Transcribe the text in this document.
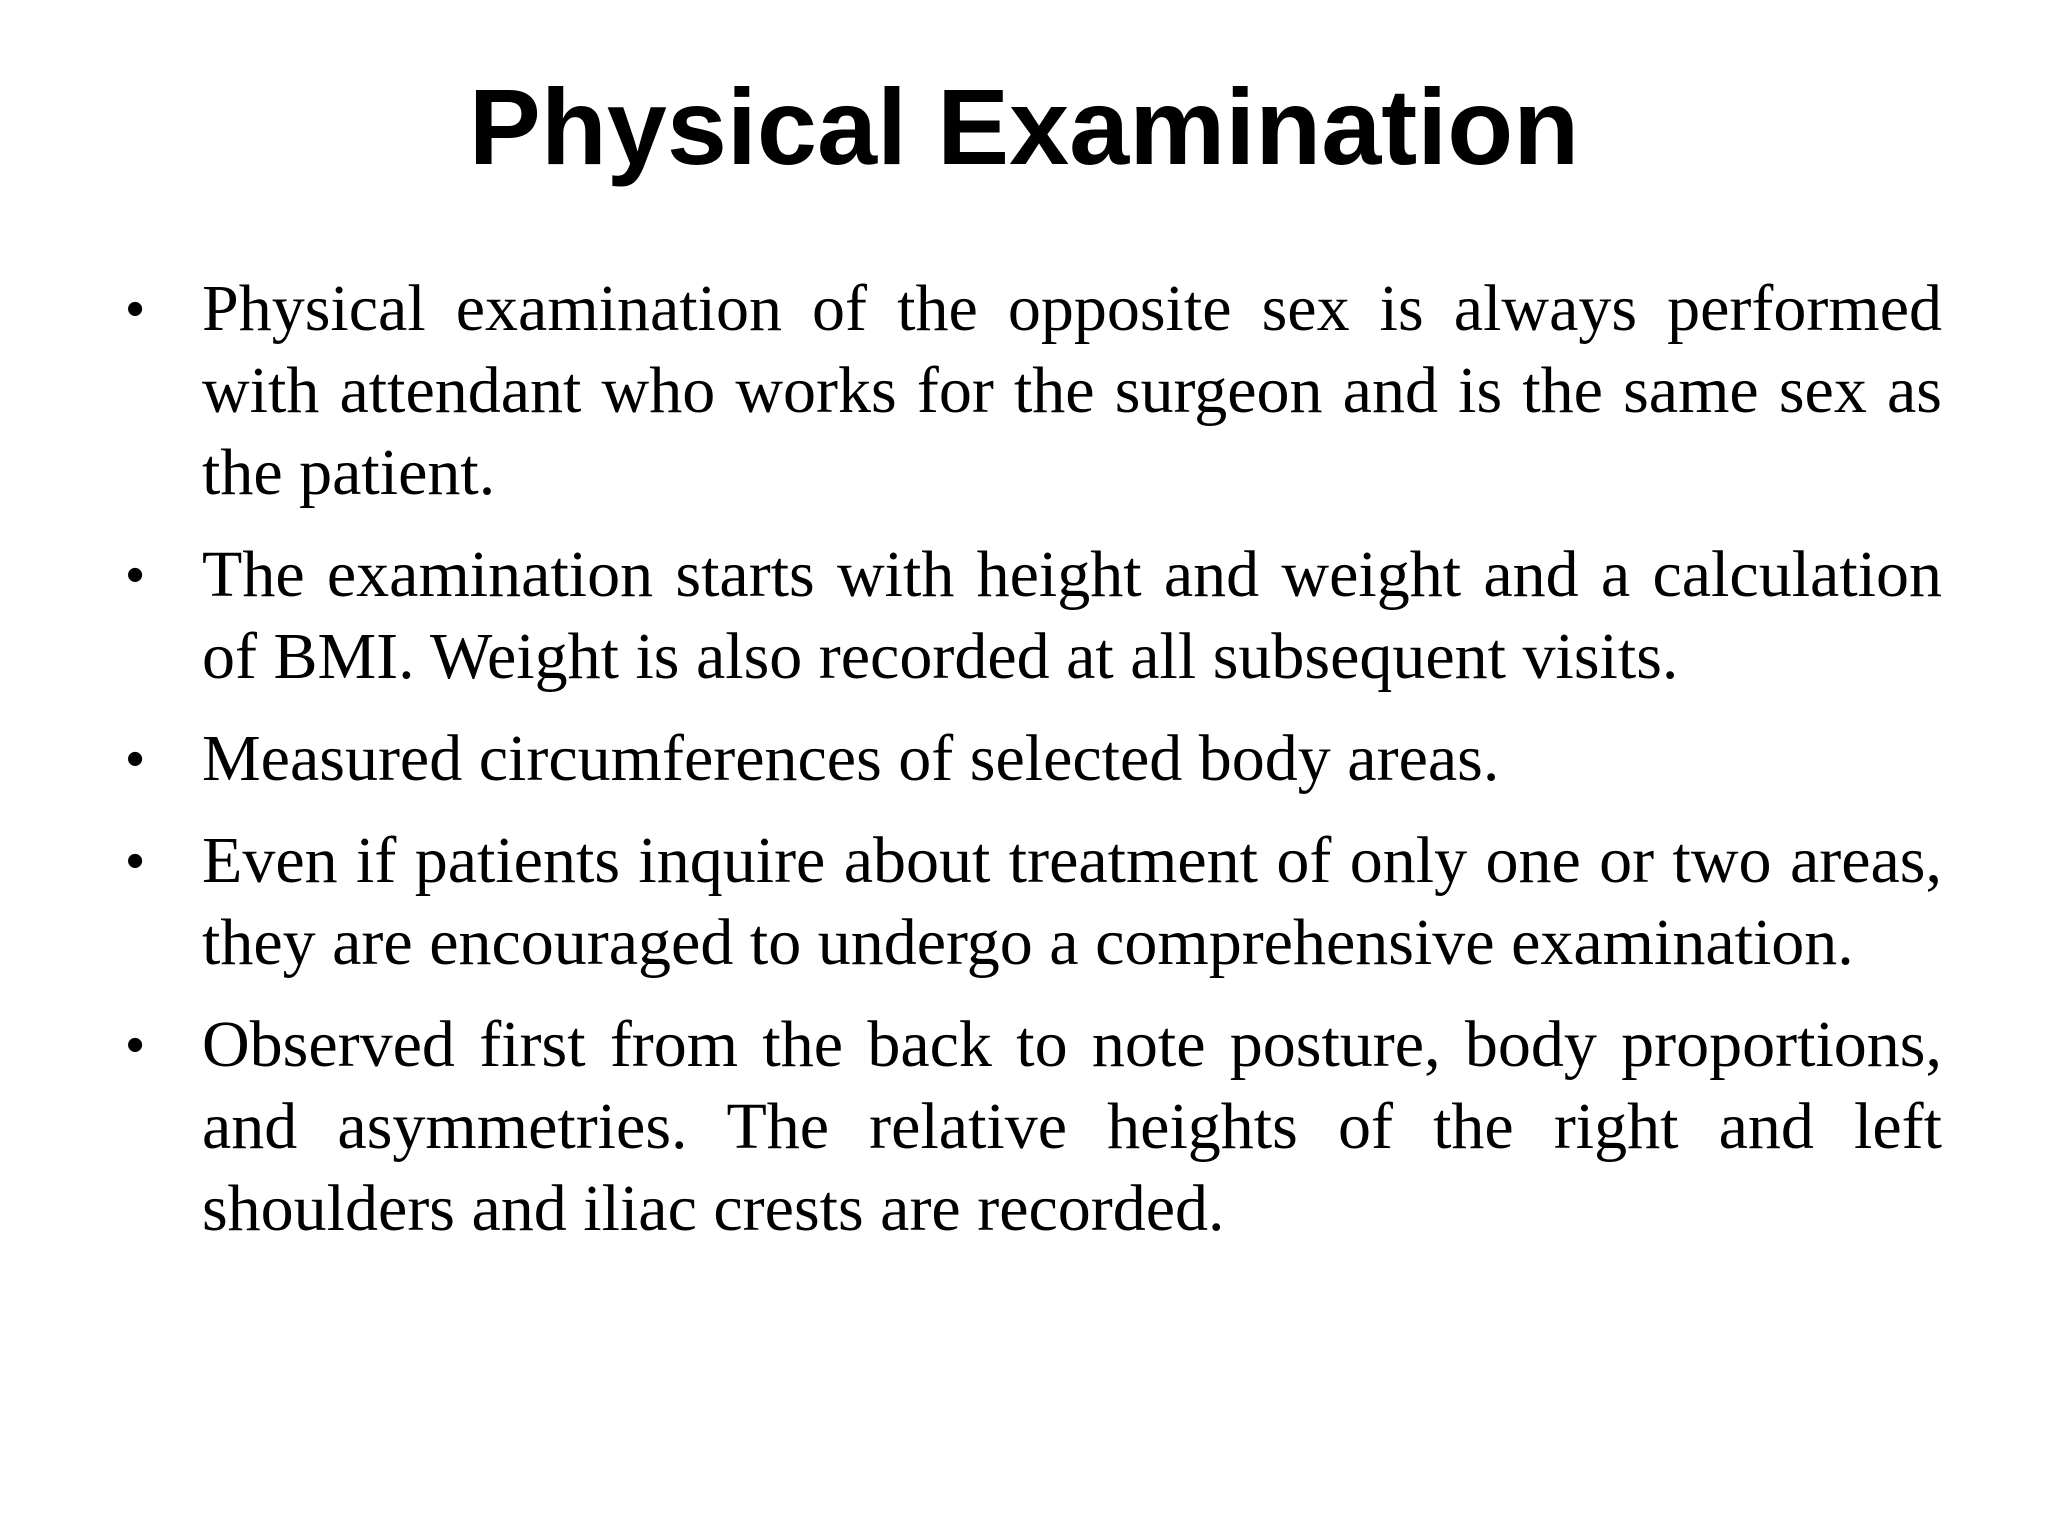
Physical Examination
• Physical examination of the opposite sex is always performed with attendant who works for the surgeon and is the same sex as the patient.
• The examination starts with height and weight and a calculation of BMI. Weight is also recorded at all subsequent visits.
• Measured circumferences of selected body areas.
• Even if patients inquire about treatment of only one or two areas, they are encouraged to undergo a comprehensive examination.
• Observed first from the back to note posture, body proportions, and asymmetries. The relative heights of the right and left shoulders and iliac crests are recorded.
